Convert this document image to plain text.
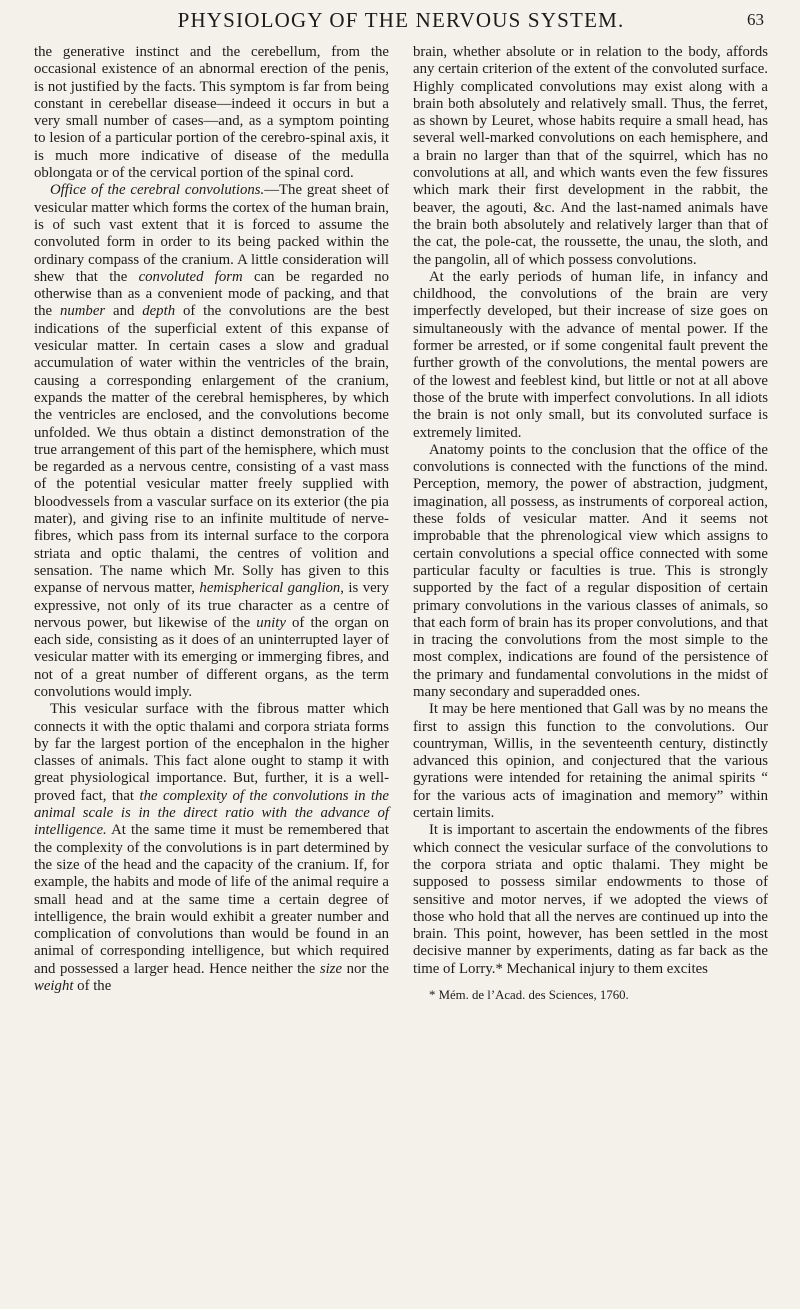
PHYSIOLOGY OF THE NERVOUS SYSTEM.	63

the generative instinct and the cerebellum, from the occasional existence of an abnormal erection of the penis, is not justified by the facts. This symptom is far from being constant in cerebellar disease—indeed it occurs in but a very small number of cases—and, as a symptom pointing to lesion of a particular portion of the cerebro-spinal axis, it is much more indicative of disease of the medulla oblongata or of the cervical portion of the spinal cord.

Office of the cerebral convolutions.—The great sheet of vesicular matter which forms the cortex of the human brain, is of such vast extent that it is forced to assume the convoluted form in order to its being packed within the ordinary compass of the cranium. A little consideration will shew that the convoluted form can be regarded no otherwise than as a convenient mode of packing, and that the number and depth of the convolutions are the best indications of the superficial extent of this expanse of vesicular matter. In certain cases a slow and gradual accumulation of water within the ventricles of the brain, causing a corresponding enlargement of the cranium, expands the matter of the cerebral hemispheres, by which the ventricles are enclosed, and the convolutions become unfolded. We thus obtain a distinct demonstration of the true arrangement of this part of the hemisphere, which must be regarded as a nervous centre, consisting of a vast mass of the potential vesicular matter freely supplied with bloodvessels from a vascular surface on its exterior (the pia mater), and giving rise to an infinite multitude of nerve-fibres, which pass from its internal surface to the corpora striata and optic thalami, the centres of volition and sensation. The name which Mr. Solly has given to this expanse of nervous matter, hemispherical ganglion, is very expressive, not only of its true character as a centre of nervous power, but likewise of the unity of the organ on each side, consisting as it does of an uninterrupted layer of vesicular matter with its emerging or immerging fibres, and not of a great number of different organs, as the term convolutions would imply.

This vesicular surface with the fibrous matter which connects it with the optic thalami and corpora striata forms by far the largest portion of the encephalon in the higher classes of animals. This fact alone ought to stamp it with great physiological importance. But, further, it is a well-proved fact, that the complexity of the convolutions in the animal scale is in the direct ratio with the advance of intelligence. At the same time it must be remembered that the complexity of the convolutions is in part determined by the size of the head and the capacity of the cranium. If, for example, the habits and mode of life of the animal require a small head and at the same time a certain degree of intelligence, the brain would exhibit a greater number and complication of convolutions than would be found in an animal of corresponding intelligence, but which required and possessed a larger head. Hence neither the size nor the weight of the

brain, whether absolute or in relation to the body, affords any certain criterion of the extent of the convoluted surface. Highly complicated convolutions may exist along with a brain both absolutely and relatively small. Thus, the ferret, as shown by Leuret, whose habits require a small head, has several well-marked convolutions on each hemisphere, and a brain no larger than that of the squirrel, which has no convolutions at all, and which wants even the few fissures which mark their first development in the rabbit, the beaver, the agouti, &c. And the last-named animals have the brain both absolutely and relatively larger than that of the cat, the pole-cat, the roussette, the unau, the sloth, and the pangolin, all of which possess convolutions.

At the early periods of human life, in infancy and childhood, the convolutions of the brain are very imperfectly developed, but their increase of size goes on simultaneously with the advance of mental power. If the former be arrested, or if some congenital fault prevent the further growth of the convolutions, the mental powers are of the lowest and feeblest kind, but little or not at all above those of the brute with imperfect convolutions. In all idiots the brain is not only small, but its convoluted surface is extremely limited.

Anatomy points to the conclusion that the office of the convolutions is connected with the functions of the mind. Perception, memory, the power of abstraction, judgment, imagination, all possess, as instruments of corporeal action, these folds of vesicular matter. And it seems not improbable that the phrenological view which assigns to certain convolutions a special office connected with some particular faculty or faculties is true. This is strongly supported by the fact of a regular disposition of certain primary convolutions in the various classes of animals, so that each form of brain has its proper convolutions, and that in tracing the convolutions from the most simple to the most complex, indications are found of the persistence of the primary and fundamental convolutions in the midst of many secondary and superadded ones.

It may be here mentioned that Gall was by no means the first to assign this function to the convolutions. Our countryman, Willis, in the seventeenth century, distinctly advanced this opinion, and conjectured that the various gyrations were intended for retaining the animal spirits “ for the various acts of imagination and memory” within certain limits.

It is important to ascertain the endowments of the fibres which connect the vesicular surface of the convolutions to the corpora striata and optic thalami. They might be supposed to possess similar endowments to those of sensitive and motor nerves, if we adopted the views of those who hold that all the nerves are continued up into the brain. This point, however, has been settled in the most decisive manner by experiments, dating as far back as the time of Lorry.* Mechanical injury to them excites

* Mém. de l’Acad. des Sciences, 1760.
